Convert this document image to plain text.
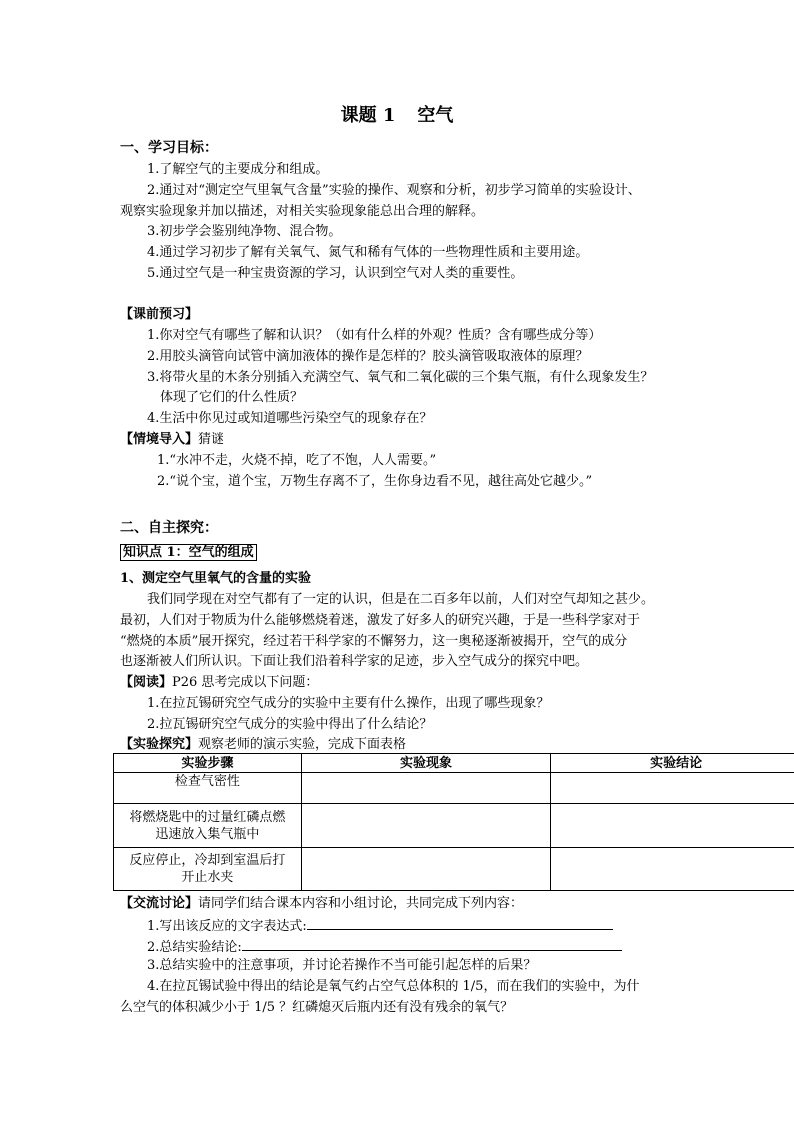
课题 1 空气
一、学习目标：
1.了解空气的主要成分和组成。
2.通过对“测定空气里氧气含量”实验的操作、观察和分析，初步学习简单的实验设计、
观察实验现象并加以描述，对相关实验现象能总出合理的解释。
3.初步学会鉴别纯净物、混合物。
4.通过学习初步了解有关氧气、氮气和稀有气体的一些物理性质和主要用途。
5.通过空气是一种宝贵资源的学习，认识到空气对人类的重要性。
【课前预习】
1.你对空气有哪些了解和认识？（如有什么样的外观？性质？含有哪些成分等）
2.用胶头滴管向试管中滴加液体的操作是怎样的？胶头滴管吸取液体的原理？
3.将带火星的木条分别插入充满空气、氧气和二氧化碳的三个集气瓶，有什么现象发生？
体现了它们的什么性质？
4.生活中你见过或知道哪些污染空气的现象存在？
【情境导入】猜谜
1.“水冲不走，火烧不掉，吃了不饱，人人需要。”
2.“说个宝，道个宝，万物生存离不了，生你身边看不见，越往高处它越少。”
二、自主探究：
知识点 1：空气的组成
1、测定空气里氧气的含量的实验
我们同学现在对空气都有了一定的认识，但是在二百多年以前，人们对空气却知之甚少。
最初，人们对于物质为什么能够燃烧着迷，激发了好多人的研究兴趣，于是一些科学家对于
“燃烧的本质”展开探究，经过若干科学家的不懈努力，这一奥秘逐渐被揭开，空气的成分
也逐渐被人们所认识。下面让我们沿着科学家的足迹，步入空气成分的探究中吧。
【阅读】P26 思考完成以下问题：
1.在拉瓦锡研究空气成分的实验中主要有什么操作，出现了哪些现象？
2.拉瓦锡研究空气成分的实验中得出了什么结论？
【实验探究】观察老师的演示实验，完成下面表格
实验步骤	实验现象	实验结论

检查气密性		

将燃烧匙中的过量红磷点燃
迅速放入集气瓶中		

反应停止，冷却到室温后打
开止水夹		

【交流讨论】请同学们结合课本内容和小组讨论，共同完成下列内容：
1.写出该反应的文字表达式:
2.总结实验结论:
3.总结实验中的注意事项，并讨论若操作不当可能引起怎样的后果？
4.在拉瓦锡试验中得出的结论是氧气约占空气总体积的 1/5，而在我们的实验中，为什
么空气的体积减少小于 1/5 ？红磷熄灭后瓶内还有没有残余的氧气？
